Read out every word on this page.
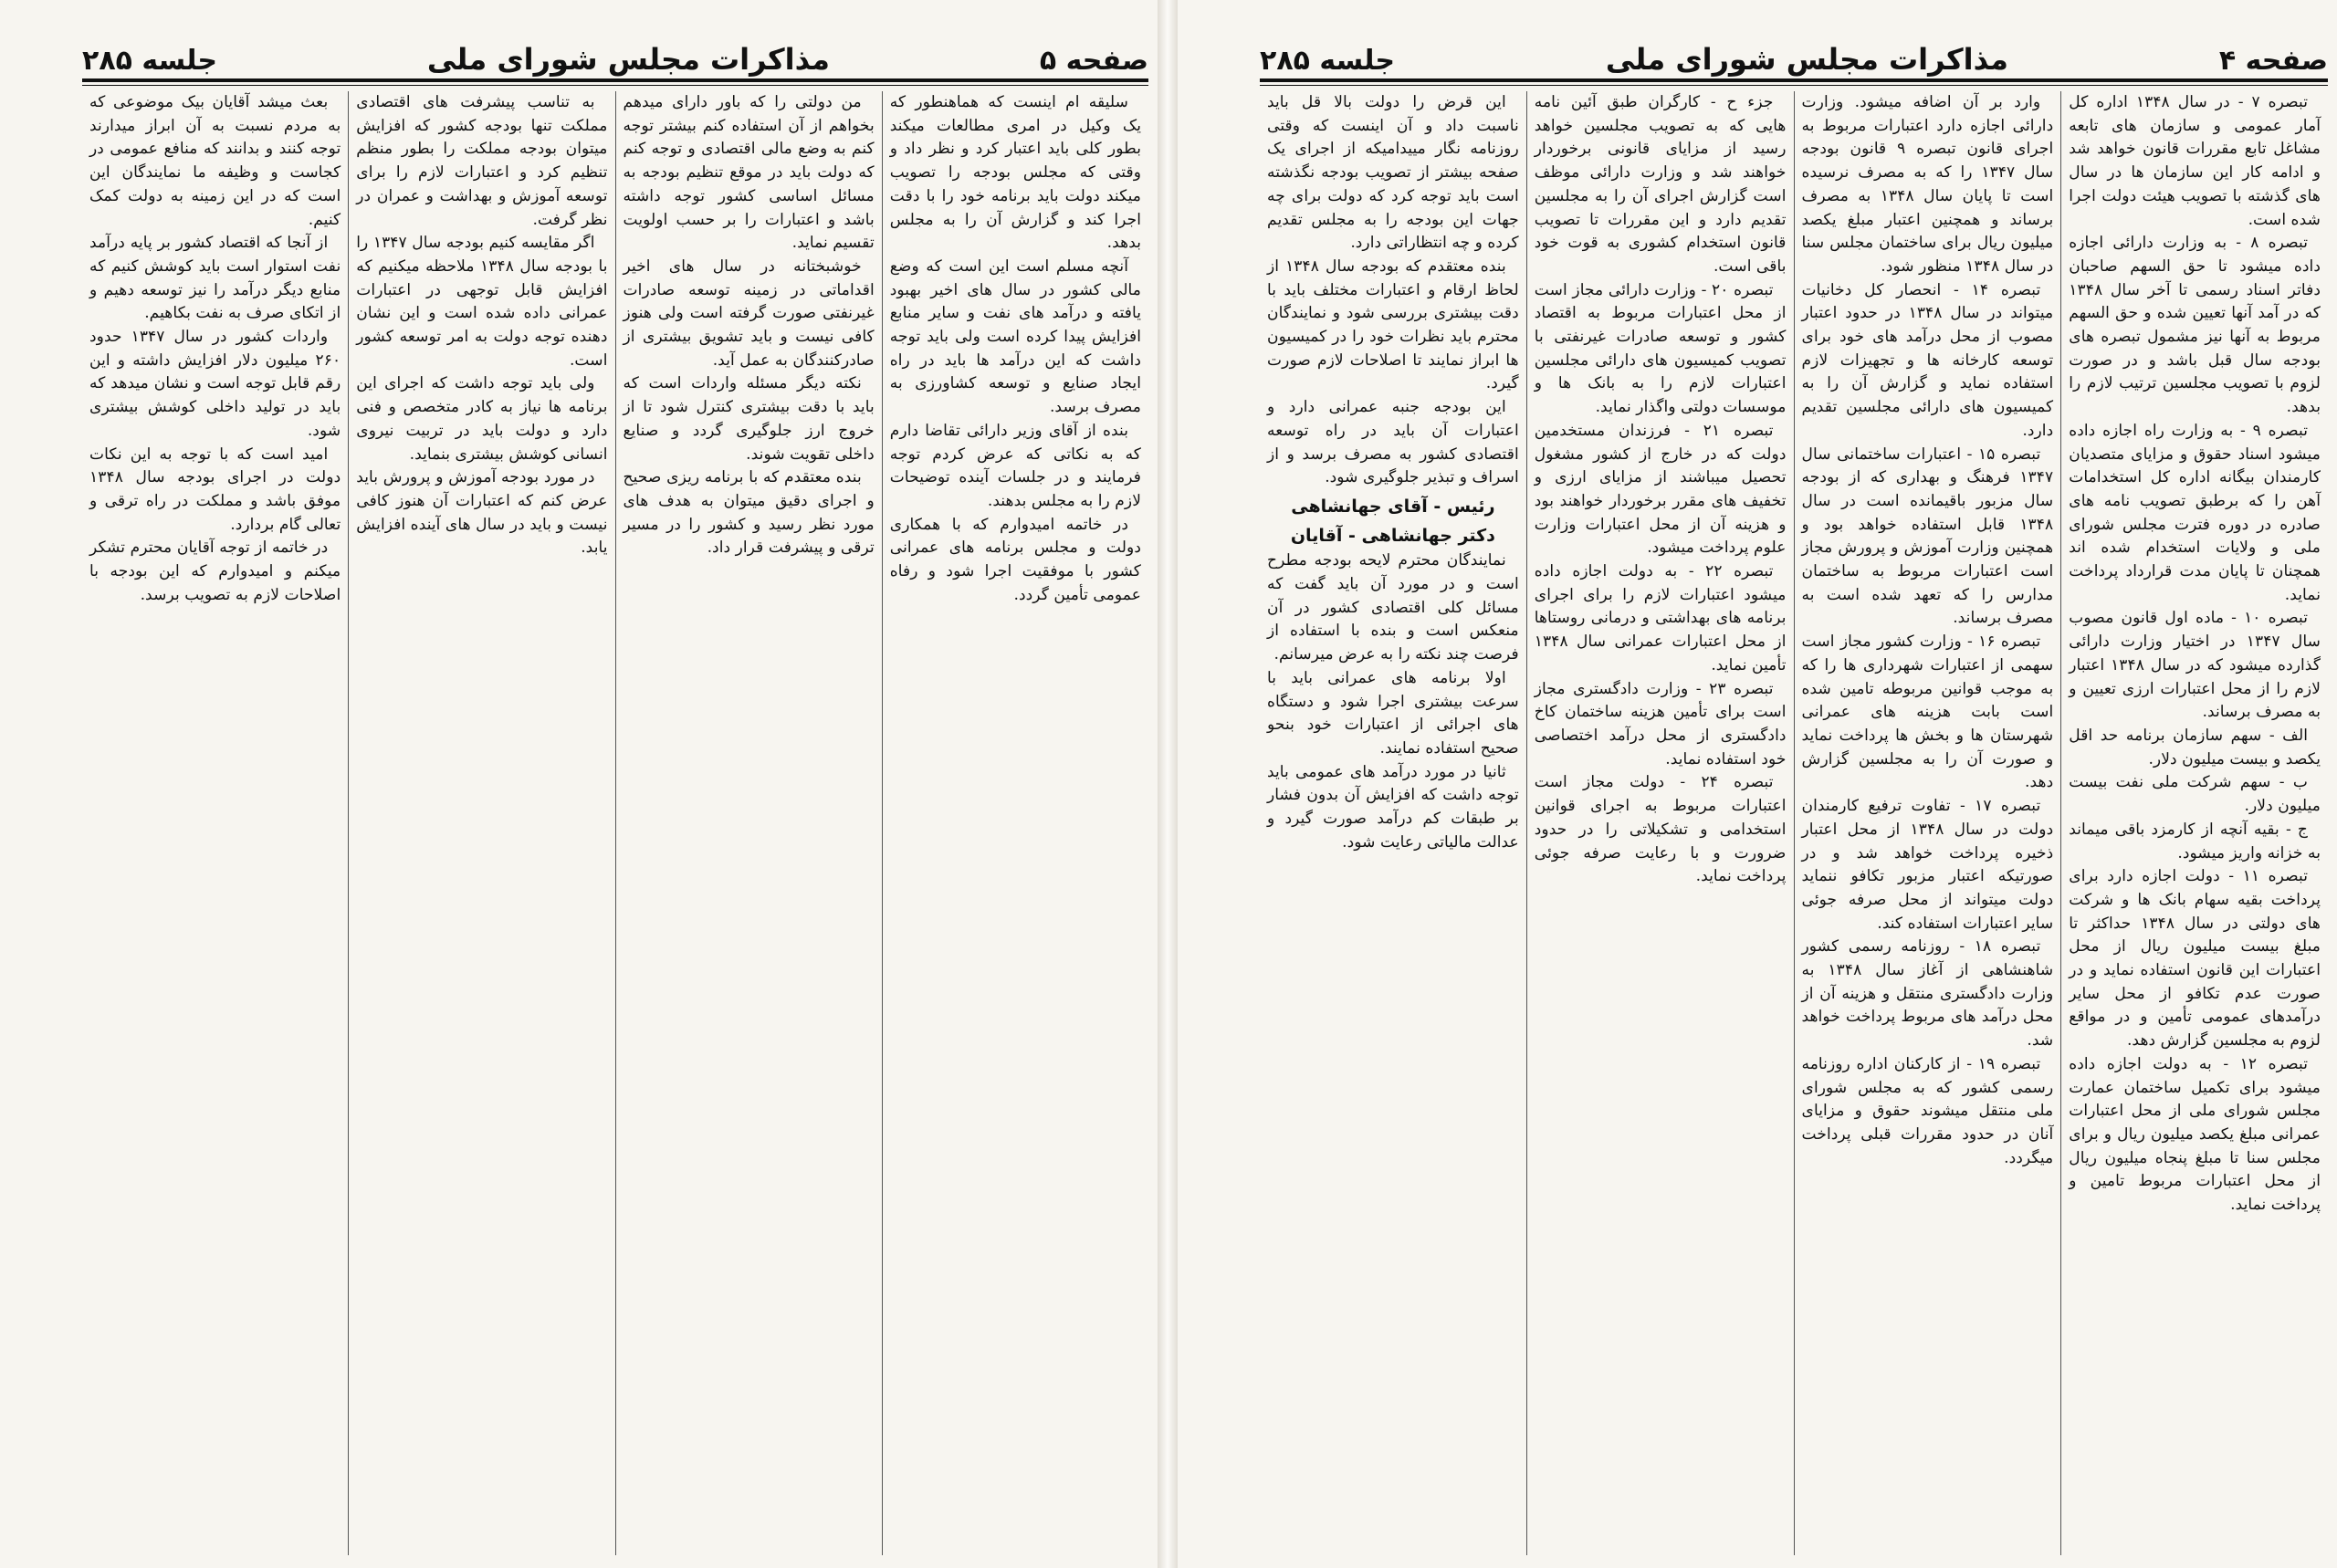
صفحه ۵
مذاکرات مجلس شورای ملی
جلسه ۲۸۵

سلیقه ام اینست که هماهنطور که یک وکیل در امری مطالعات میکند بطور کلی باید اعتبار کرد و نظر داد و وقتی که مجلس بودجه را تصویب میکند دولت باید برنامه خود را با دقت اجرا کند و گزارش آن را به مجلس بدهد.

آنچه مسلم است این است که وضع مالی کشور در سال های اخیر بهبود یافته و درآمد های نفت و سایر منابع افزایش پیدا کرده است ولی باید توجه داشت که این درآمد ها باید در راه ایجاد صنایع و توسعه کشاورزی به مصرف برسد.

بنده از آقای وزیر دارائی تقاضا دارم که به نکاتی که عرض کردم توجه فرمایند و در جلسات آینده توضیحات لازم را به مجلس بدهند.

در خاتمه امیدوارم که با همکاری دولت و مجلس برنامه های عمرانی کشور با موفقیت اجرا شود و رفاه عمومی تأمین گردد.

من دولتی را که باور دارای میدهم بخواهم از آن استفاده کنم بیشتر توجه کنم به وضع مالی اقتصادی و توجه کنم که دولت باید در موقع تنظیم بودجه به مسائل اساسی کشور توجه داشته باشد و اعتبارات را بر حسب اولویت تقسیم نماید.

خوشبختانه در سال های اخیر اقداماتی در زمینه توسعه صادرات غیرنفتی صورت گرفته است ولی هنوز کافی نیست و باید تشویق بیشتری از صادرکنندگان به عمل آید.

نکته دیگر مسئله واردات است که باید با دقت بیشتری کنترل شود تا از خروج ارز جلوگیری گردد و صنایع داخلی تقویت شوند.

بنده معتقدم که با برنامه ریزی صحیح و اجرای دقیق میتوان به هدف های مورد نظر رسید و کشور را در مسیر ترقی و پیشرفت قرار داد.

به تناسب پیشرفت های اقتصادی مملکت تنها بودجه کشور که افزایش میتوان بودجه مملکت را بطور منظم تنظیم کرد و اعتبارات لازم را برای توسعه آموزش و بهداشت و عمران در نظر گرفت.

اگر مقایسه کنیم بودجه سال ۱۳۴۷ را با بودجه سال ۱۳۴۸ ملاحظه میکنیم که افزایش قابل توجهی در اعتبارات عمرانی داده شده است و این نشان دهنده توجه دولت به امر توسعه کشور است.

ولی باید توجه داشت که اجرای این برنامه ها نیاز به کادر متخصص و فنی دارد و دولت باید در تربیت نیروی انسانی کوشش بیشتری بنماید.

در مورد بودجه آموزش و پرورش باید عرض کنم که اعتبارات آن هنوز کافی نیست و باید در سال های آینده افزایش یابد.

بعث میشد آقایان بیک موضوعی که به مردم نسبت به آن ابراز میدارند توجه کنند و بدانند که منافع عمومی در کجاست و وظیفه ما نمایندگان این است که در این زمینه به دولت کمک کنیم.

از آنجا که اقتصاد کشور بر پایه درآمد نفت استوار است باید کوشش کنیم که منابع دیگر درآمد را نیز توسعه دهیم و از اتکای صرف به نفت بکاهیم.

واردات کشور در سال ۱۳۴۷ حدود ۲۶۰ میلیون دلار افزایش داشته و این رقم قابل توجه است و نشان میدهد که باید در تولید داخلی کوشش بیشتری شود.

امید است که با توجه به این نکات دولت در اجرای بودجه سال ۱۳۴۸ موفق باشد و مملکت در راه ترقی و تعالی گام بردارد.

در خاتمه از توجه آقایان محترم تشکر میکنم و امیدوارم که این بودجه با اصلاحات لازم به تصویب برسد.

صفحه ۴
مذاکرات مجلس شورای ملی
جلسه ۲۸۵

تبصره ۷ - در سال ۱۳۴۸ اداره کل آمار عمومی و سازمان های تابعه مشاغل تابع مقررات قانون خواهد شد و ادامه کار این سازمان ها در سال های گذشته با تصویب هیئت دولت اجرا شده است.

تبصره ۸ - به وزارت دارائی اجازه داده میشود تا حق السهم صاحبان دفاتر اسناد رسمی تا آخر سال ۱۳۴۸ که در آمد آنها تعیین شده و حق السهم مربوط به آنها نیز مشمول تبصره های بودجه سال قبل باشد و در صورت لزوم با تصویب مجلسین ترتیب لازم را بدهد.

تبصره ۹ - به وزارت راه اجازه داده میشود اسناد حقوق و مزایای متصدیان کارمندان بیگانه اداره کل استخدامات آهن را که برطبق تصویب نامه های صادره در دوره فترت مجلس شورای ملی و ولایات استخدام شده اند همچنان تا پایان مدت قرارداد پرداخت نماید.

تبصره ۱۰ - ماده اول قانون مصوب سال ۱۳۴۷ در اختیار وزارت دارائی گذارده میشود که در سال ۱۳۴۸ اعتبار لازم را از محل اعتبارات ارزی تعیین و به مصرف برساند.

الف - سهم سازمان برنامه حد اقل یکصد و بیست میلیون دلار.

ب - سهم شرکت ملی نفت بیست میلیون دلار.

ج - بقیه آنچه از کارمزد باقی میماند به خزانه واریز میشود.

تبصره ۱۱ - دولت اجازه دارد برای پرداخت بقیه سهام بانک ها و شرکت های دولتی در سال ۱۳۴۸ حداکثر تا مبلغ بیست میلیون ریال از محل اعتبارات این قانون استفاده نماید و در صورت عدم تکافو از محل سایر درآمدهای عمومی تأمین و در مواقع لزوم به مجلسین گزارش دهد.

تبصره ۱۲ - به دولت اجازه داده میشود برای تکمیل ساختمان عمارت مجلس شورای ملی از محل اعتبارات عمرانی مبلغ یکصد میلیون ریال و برای مجلس سنا تا مبلغ پنجاه میلیون ریال از محل اعتبارات مربوط تامین و پرداخت نماید.

وارد بر آن اضافه میشود. وزارت دارائی اجازه دارد اعتبارات مربوط به اجرای قانون تبصره ۹ قانون بودجه سال ۱۳۴۷ را که به مصرف نرسیده است تا پایان سال ۱۳۴۸ به مصرف برساند و همچنین اعتبار مبلغ یکصد میلیون ریال برای ساختمان مجلس سنا در سال ۱۳۴۸ منظور شود.

تبصره ۱۴ - انحصار کل دخانیات میتواند در سال ۱۳۴۸ در حدود اعتبار مصوب از محل درآمد های خود برای توسعه کارخانه ها و تجهیزات لازم استفاده نماید و گزارش آن را به کمیسیون های دارائی مجلسین تقدیم دارد.

تبصره ۱۵ - اعتبارات ساختمانی سال ۱۳۴۷ فرهنگ و بهداری که از بودجه سال مزبور باقیمانده است در سال ۱۳۴۸ قابل استفاده خواهد بود و همچنین وزارت آموزش و پرورش مجاز است اعتبارات مربوط به ساختمان مدارس را که تعهد شده است به مصرف برساند.

تبصره ۱۶ - وزارت کشور مجاز است سهمی از اعتبارات شهرداری ها را که به موجب قوانین مربوطه تامین شده است بابت هزینه های عمرانی شهرستان ها و بخش ها پرداخت نماید و صورت آن را به مجلسین گزارش دهد.

تبصره ۱۷ - تفاوت ترفیع کارمندان دولت در سال ۱۳۴۸ از محل اعتبار ذخیره پرداخت خواهد شد و در صورتیکه اعتبار مزبور تکافو ننماید دولت میتواند از محل صرفه جوئی سایر اعتبارات استفاده کند.

تبصره ۱۸ - روزنامه رسمی کشور شاهنشاهی از آغاز سال ۱۳۴۸ به وزارت دادگستری منتقل و هزینه آن از محل درآمد های مربوط پرداخت خواهد شد.

تبصره ۱۹ - از کارکنان اداره روزنامه رسمی کشور که به مجلس شورای ملی منتقل میشوند حقوق و مزایای آنان در حدود مقررات قبلی پرداخت میگردد.

جزء ح - کارگران طبق آئین نامه هایی که به تصویب مجلسین خواهد رسید از مزایای قانونی برخوردار خواهند شد و وزارت دارائی موظف است گزارش اجرای آن را به مجلسین تقدیم دارد و این مقررات تا تصویب قانون استخدام کشوری به قوت خود باقی است.

تبصره ۲۰ - وزارت دارائی مجاز است از محل اعتبارات مربوط به اقتصاد کشور و توسعه صادرات غیرنفتی با تصویب کمیسیون های دارائی مجلسین اعتبارات لازم را به بانک ها و موسسات دولتی واگذار نماید.

تبصره ۲۱ - فرزندان مستخدمین دولت که در خارج از کشور مشغول تحصیل میباشند از مزایای ارزی و تخفیف های مقرر برخوردار خواهند بود و هزینه آن از محل اعتبارات وزارت علوم پرداخت میشود.

تبصره ۲۲ - به دولت اجازه داده میشود اعتبارات لازم را برای اجرای برنامه های بهداشتی و درمانی روستاها از محل اعتبارات عمرانی سال ۱۳۴۸ تأمین نماید.

تبصره ۲۳ - وزارت دادگستری مجاز است برای تأمین هزینه ساختمان کاخ دادگستری از محل درآمد اختصاصی خود استفاده نماید.

تبصره ۲۴ - دولت مجاز است اعتبارات مربوط به اجرای قوانین استخدامی و تشکیلاتی را در حدود ضرورت و با رعایت صرفه جوئی پرداخت نماید.

این قرض را دولت بالا قل باید ناسبت داد و آن اینست که وقتی روزنامه نگار مییدامیکه از اجرای یک صفحه بیشتر از تصویب بودجه نگذشته است باید توجه کرد که دولت برای چه جهات این بودجه را به مجلس تقدیم کرده و چه انتظاراتی دارد.

بنده معتقدم که بودجه سال ۱۳۴۸ از لحاظ ارقام و اعتبارات مختلف باید با دقت بیشتری بررسی شود و نمایندگان محترم باید نظرات خود را در کمیسیون ها ابراز نمایند تا اصلاحات لازم صورت گیرد.

این بودجه جنبه عمرانی دارد و اعتبارات آن باید در راه توسعه اقتصادی کشور به مصرف برسد و از اسراف و تبذیر جلوگیری شود.

رئیس - آقای جهانشاهی

دکتر جهانشاهی - آقایان

نمایندگان محترم لایحه بودجه مطرح است و در مورد آن باید گفت که مسائل کلی اقتصادی کشور در آن منعکس است و بنده با استفاده از فرصت چند نکته را به عرض میرسانم.

اولا برنامه های عمرانی باید با سرعت بیشتری اجرا شود و دستگاه های اجرائی از اعتبارات خود بنحو صحیح استفاده نمایند.

ثانیا در مورد درآمد های عمومی باید توجه داشت که افزایش آن بدون فشار بر طبقات کم درآمد صورت گیرد و عدالت مالیاتی رعایت شود.
